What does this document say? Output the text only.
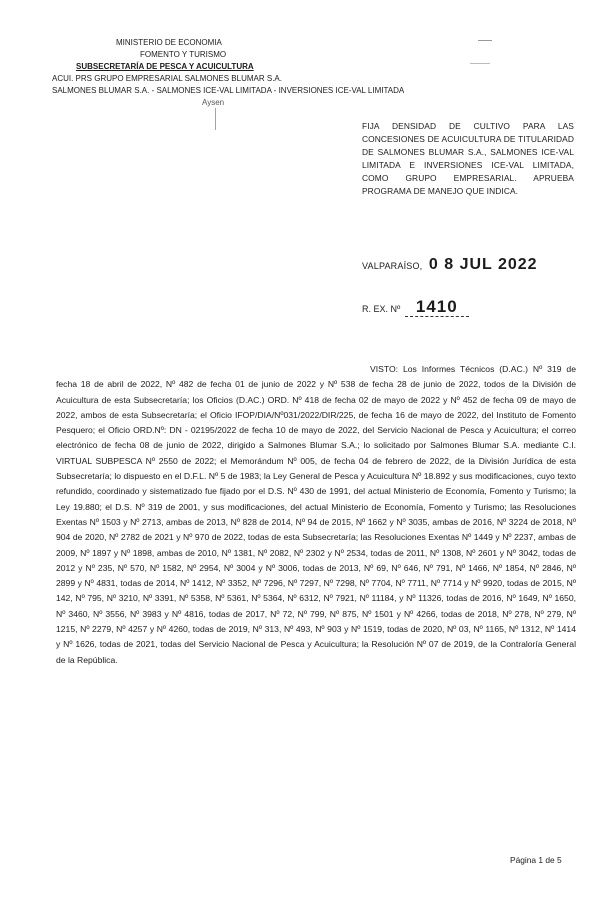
MINISTERIO DE ECONOMIA
FOMENTO Y TURISMO
SUBSECRETARÍA DE PESCA Y ACUICULTURA
ACUI. PRS GRUPO EMPRESARIAL SALMONES BLUMAR S.A.
SALMONES BLUMAR S.A. - SALMONES ICE-VAL LIMITADA - INVERSIONES ICE-VAL LIMITADA
Aysen
FIJA DENSIDAD DE CULTIVO PARA LAS CONCESIONES DE ACUICULTURA DE TITULARIDAD DE SALMONES BLUMAR S.A., SALMONES ICE-VAL LIMITADA E INVERSIONES ICE-VAL LIMITADA, COMO GRUPO EMPRESARIAL. APRUEBA PROGRAMA DE MANEJO QUE INDICA.
VALPARAÍSO, 0 8 JUL 2022
R. EX. Nº 1410
VISTO: Los Informes Técnicos (D.AC.) Nº 319 de fecha 18 de abril de 2022, Nº 482 de fecha 01 de junio de 2022 y Nº 538 de fecha 28 de junio de 2022, todos de la División de Acuicultura de esta Subsecretaría; los Oficios (D.AC.) ORD. Nº 418 de fecha 02 de mayo de 2022 y Nº 452 de fecha 09 de mayo de 2022, ambos de esta Subsecretaría; el Oficio IFOP/DIA/Nº031/2022/DIR/225, de fecha 16 de mayo de 2022, del Instituto de Fomento Pesquero; el Oficio ORD.Nº: DN - 02195/2022 de fecha 10 de mayo de 2022, del Servicio Nacional de Pesca y Acuicultura; el correo electrónico de fecha 08 de junio de 2022, dirigido a Salmones Blumar S.A.; lo solicitado por Salmones Blumar S.A. mediante C.I. VIRTUAL SUBPESCA Nº 2550 de 2022; el Memorándum Nº 005, de fecha 04 de febrero de 2022, de la División Jurídica de esta Subsecretaría; lo dispuesto en el D.F.L. Nº 5 de 1983; la Ley General de Pesca y Acuicultura Nº 18.892 y sus modificaciones, cuyo texto refundido, coordinado y sistematizado fue fijado por el D.S. Nº 430 de 1991, del actual Ministerio de Economía, Fomento y Turismo; la Ley 19.880; el D.S. Nº 319 de 2001, y sus modificaciones, del actual Ministerio de Economía, Fomento y Turismo; las Resoluciones Exentas Nº 1503 y Nº 2713, ambas de 2013, Nº 828 de 2014, Nº 94 de 2015, Nº 1662 y Nº 3035, ambas de 2016, Nº 3224 de 2018, Nº 904 de 2020, Nº 2782 de 2021 y Nº 970 de 2022, todas de esta Subsecretaría; las Resoluciones Exentas Nº 1449 y Nº 2237, ambas de 2009, Nº 1897 y Nº 1898, ambas de 2010, Nº 1381, Nº 2082, Nº 2302 y Nº 2534, todas de 2011, Nº 1308, Nº 2601 y Nº 3042, todas de 2012 y Nº 235, Nº 570, Nº 1582, Nº 2954, Nº 3004 y Nº 3006, todas de 2013, Nº 69, Nº 646, Nº 791, Nº 1466, Nº 1854, Nº 2846, Nº 2899 y Nº 4831, todas de 2014, Nº 1412, Nº 3352, Nº 7296, Nº 7297, Nº 7298, Nº 7704, Nº 7711, Nº 7714 y Nº 9920, todas de 2015, Nº 142, Nº 795, Nº 3210, Nº 3391, Nº 5358, Nº 5361, Nº 5364, Nº 6312, Nº 7921, Nº 11184, y Nº 11326, todas de 2016, Nº 1649, Nº 1650, Nº 3460, Nº 3556, Nº 3983 y Nº 4816, todas de 2017, Nº 72, Nº 799, Nº 875, Nº 1501 y Nº 4266, todas de 2018, Nº 278, Nº 279, Nº 1215, Nº 2279, Nº 4257 y Nº 4260, todas de 2019, Nº 313, Nº 493, Nº 903 y Nº 1519, todas de 2020, Nº 03, Nº 1165, Nº 1312, Nº 1414 y Nº 1626, todas de 2021, todas del Servicio Nacional de Pesca y Acuicultura; la Resolución Nº 07 de 2019, de la Contraloría General de la República.
Página 1 de 5
